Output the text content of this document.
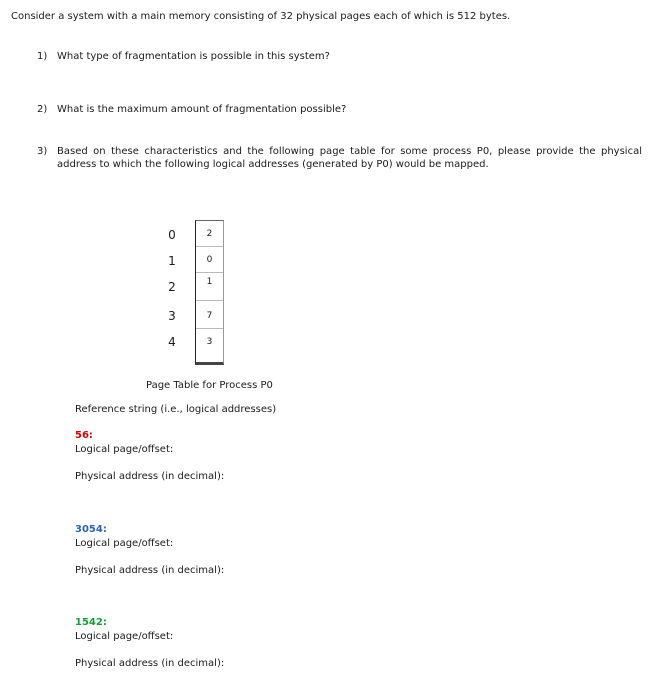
Consider a system with a main memory consisting of 32 physical pages each of which is 512 bytes.
1) What type of fragmentation is possible in this system?
2) What is the maximum amount of fragmentation possible?
3) Based on these characteristics and the following page table for some process P0, please provide the physical address to which the following logical addresses (generated by P0) would be mapped.
0
1
2
3
4
2
0
1
7
3
Page Table for Process P0
Reference string (i.e., logical addresses)
56:
Logical page/offset:
Physical address (in decimal):
3054:
Logical page/offset:
Physical address (in decimal):
1542:
Logical page/offset:
Physical address (in decimal):
